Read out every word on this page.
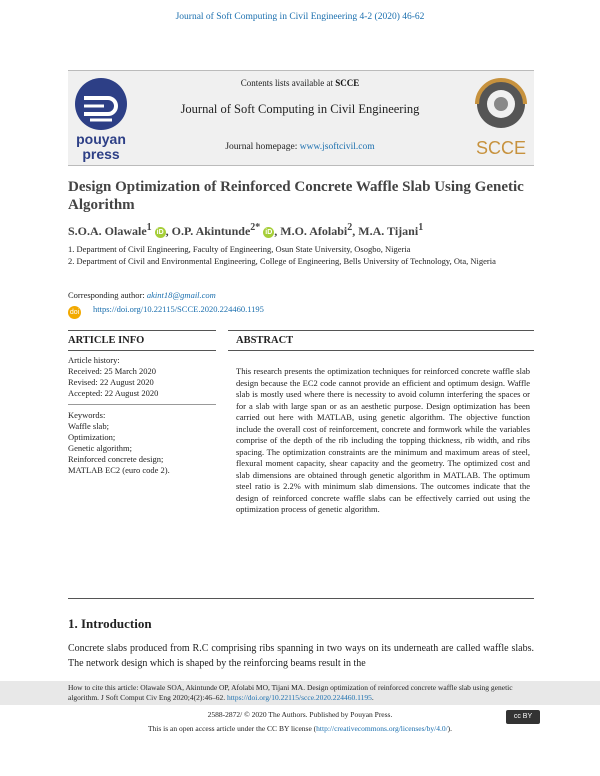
Journal of Soft Computing in Civil Engineering 4-2 (2020) 46-62
pouyan
press	SCCE
Contents lists available at SCCE
Journal of Soft Computing in Civil Engineering
Journal homepage: www.jsoftcivil.com
Design Optimization of Reinforced Concrete Waffle Slab Using Genetic Algorithm
S.O.A. Olawale$^1$ iD , O.P. Akintunde$^{2*}$ iD , M.O. Afolabi$^2$, M.A. Tijani$^1$
1. Department of Civil Engineering, Faculty of Engineering, Osun State University, Osogbo, Nigeria
2. Department of Civil and Environmental Engineering, College of Engineering, Bells University of Technology, Ota, Nigeria
Corresponding author: akint18@gmail.com
doi https://doi.org/10.22115/SCCE.2020.224460.1195
ARTICLE INFO	ABSTRACT
Article history:
Received: 25 March 2020
Revised: 22 August 2020
Accepted: 22 August 2020
Keywords:
Waffle slab;
Optimization;
Genetic algorithm;
Reinforced concrete design;
MATLAB EC2 (euro code 2).
This research presents the optimization techniques for reinforced concrete waffle slab design because the EC2 code cannot provide an efficient and optimum design. Waffle slab is mostly used where there is necessity to avoid column interfering the spaces or for a slab with large span or as an aesthetic purpose. Design optimization has been carried out here with MATLAB, using genetic algorithm. The objective function include the overall cost of reinforcement, concrete and formwork while the variables comprise of the depth of the rib including the topping thickness, rib width, and ribs spacing. The optimization constraints are the minimum and maximum areas of steel, flexural moment capacity, shear capacity and the geometry. The optimized cost and slab dimensions are obtained through genetic algorithm in MATLAB. The optimum steel ratio is 2.2% with minimum slab dimensions. The outcomes indicate that the design of reinforced concrete waffle slabs can be effectively carried out using the optimization process of genetic algorithm.
1. Introduction
Concrete slabs produced from R.C comprising ribs spanning in two ways on its underneath are called waffle slabs. The network design which is shaped by the reinforcing beams result in the
How to cite this article: Olawale SOA, Akintunde OP, Afolabi MO, Tijani MA. Design optimization of reinforced concrete waffle slab using genetic algorithm. J Soft Comput Civ Eng 2020;4(2):46–62. https://doi.org/10.22115/scce.2020.224460.1195.
2588-2872/ © 2020 The Authors. Published by Pouyan Press.
This is an open access article under the CC BY license (http://creativecommons.org/licenses/by/4.0/).
cc BY
